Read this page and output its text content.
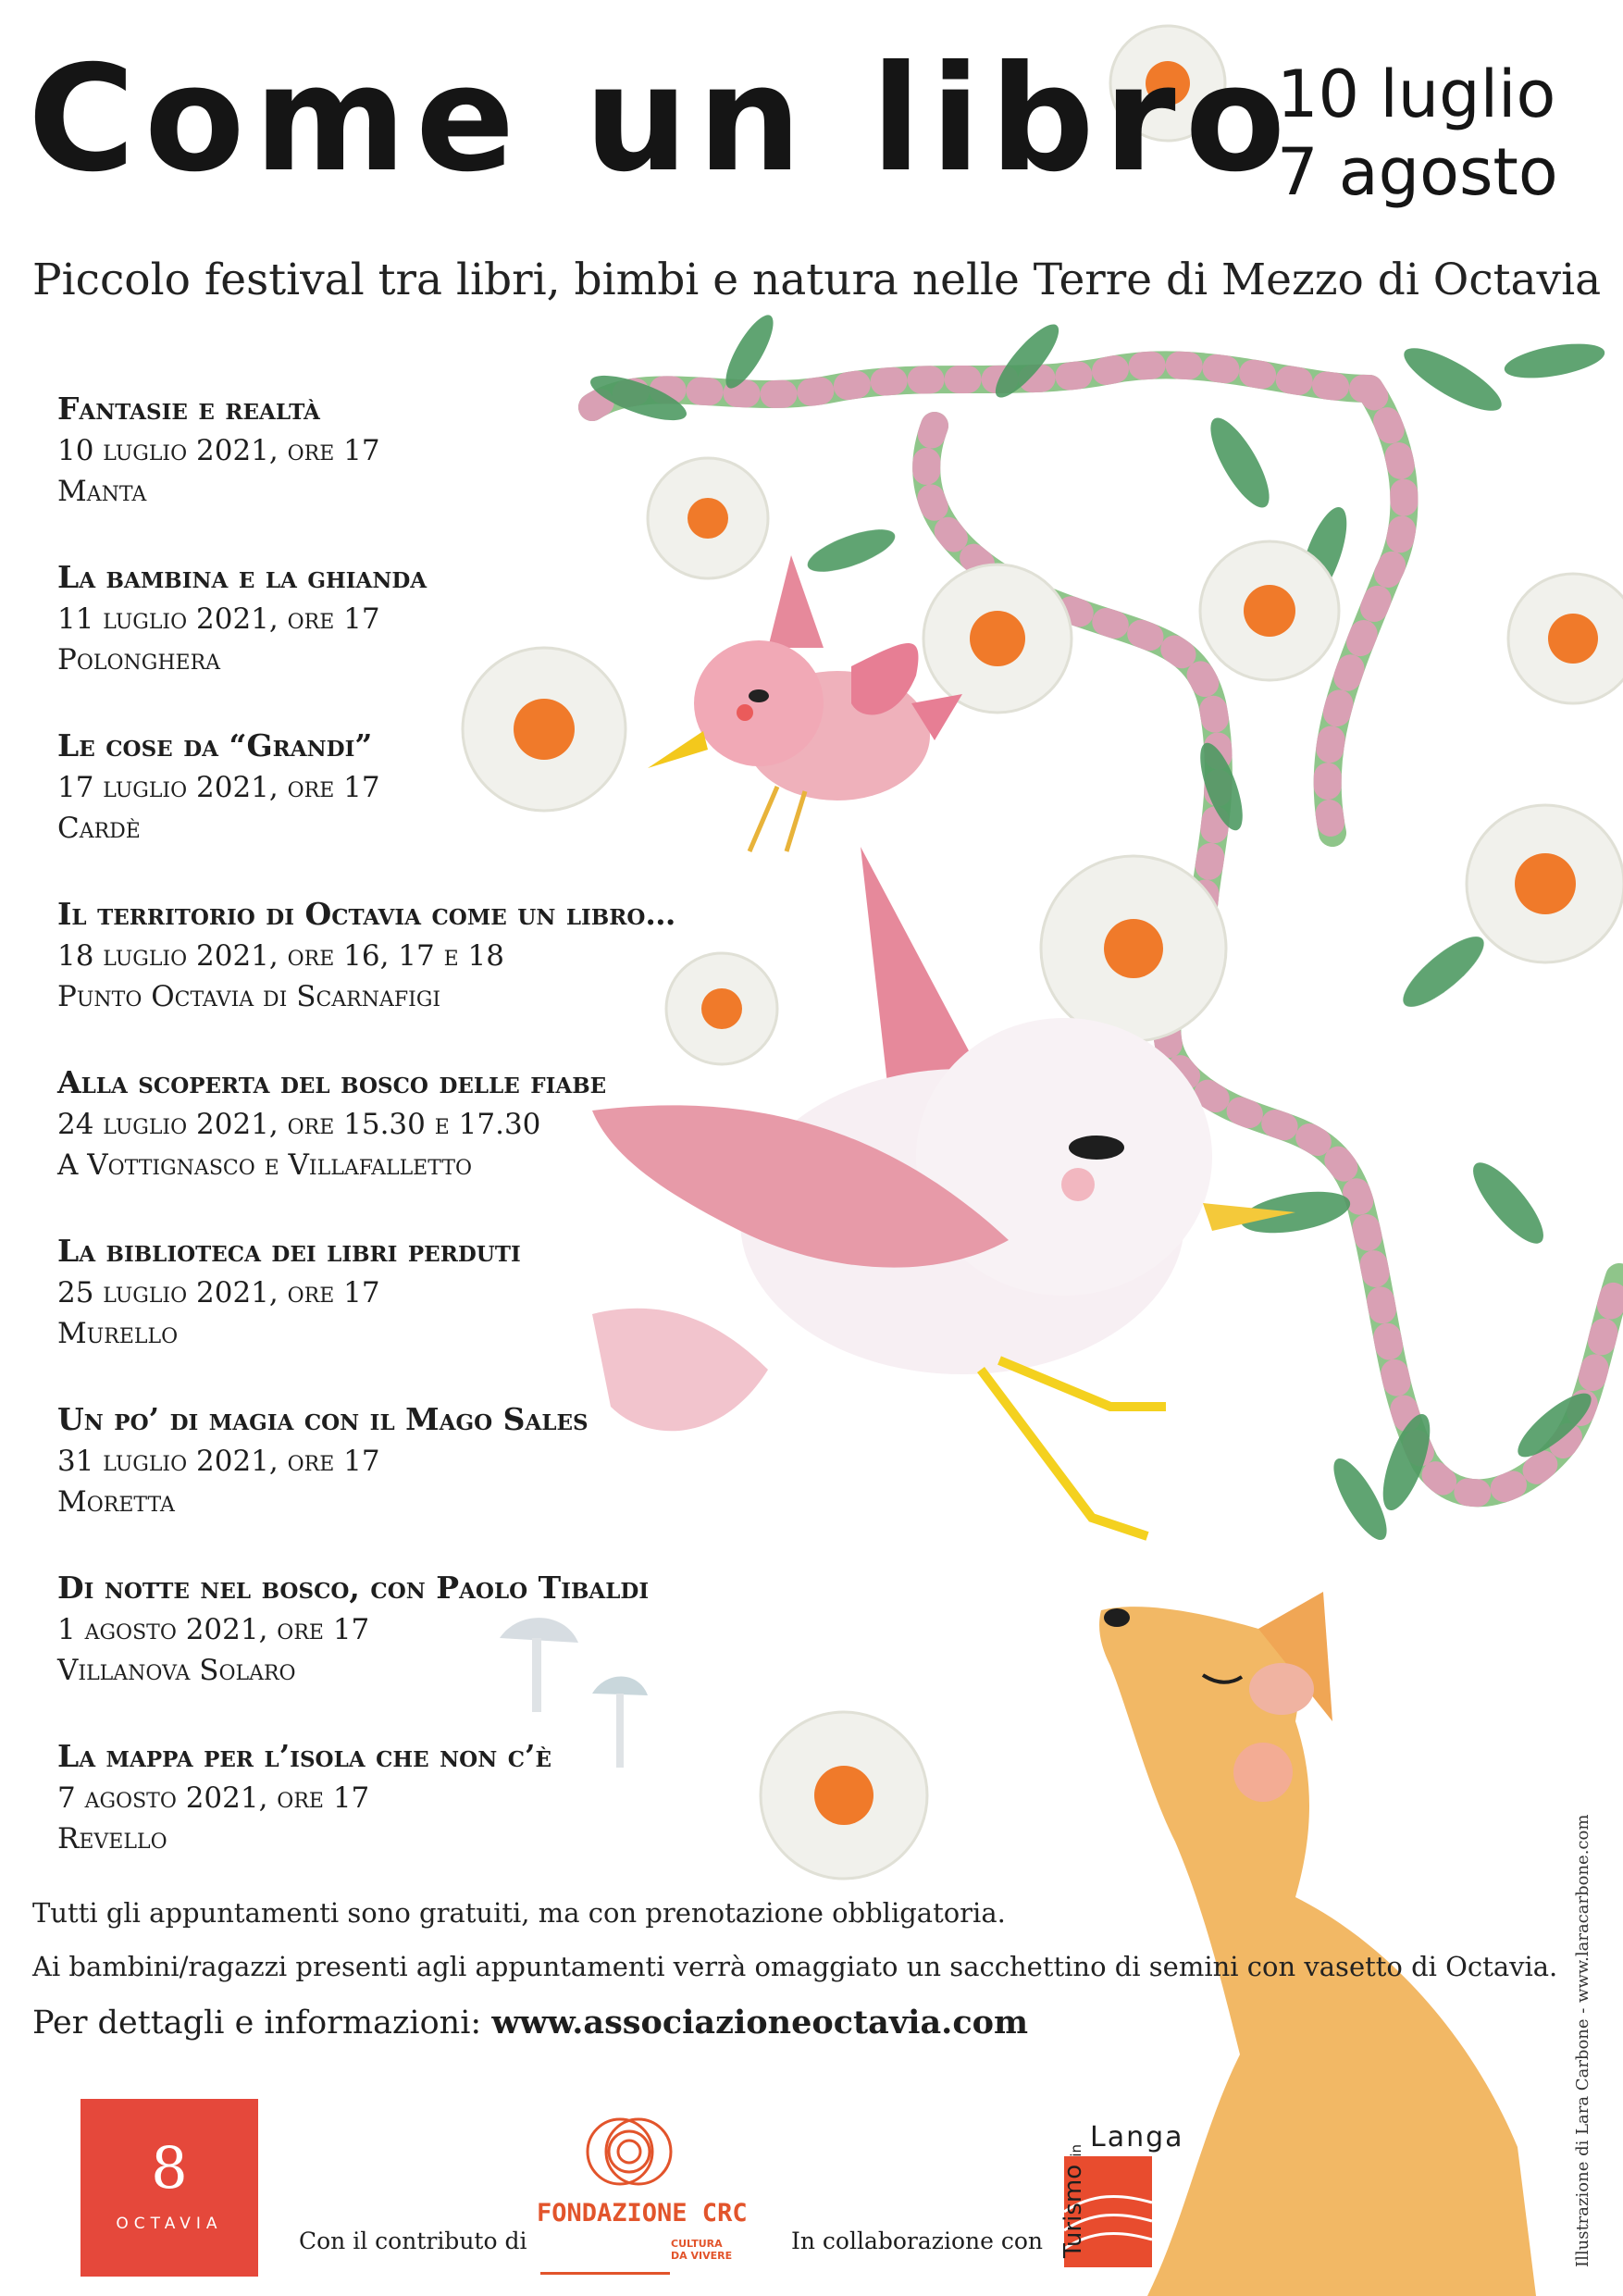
Come un libro
10 luglio
7 agosto
Piccolo festival tra libri, bimbi e natura nelle Terre di Mezzo di Octavia
Fantasie e realtà
10 luglio 2021, ore 17
Manta
La bambina e la ghianda
11 luglio 2021, ore 17
Polonghera
Le cose da “Grandi”
17 luglio 2021, ore 17
Cardè
Il territorio di Octavia come un libro…
18 luglio 2021, ore 16, 17 e 18
Punto Octavia di Scarnafigi
Alla scoperta del bosco delle fiabe
24 luglio 2021, ore 15.30 e 17.30
A Vottignasco e Villafalletto
La biblioteca dei libri perduti
25 luglio 2021, ore 17
Murello
Un po’ di magia con il Mago Sales
31 luglio 2021, ore 17
Moretta
Di notte nel bosco, con Paolo Tibaldi
1 agosto 2021, ore 17
Villanova Solaro
La mappa per l’isola che non c’è
7 agosto 2021, ore 17
Revello
Tutti gli appuntamenti sono gratuiti, ma con prenotazione obbligatoria.
Ai bambini/ragazzi presenti agli appuntamenti verrà omaggiato un sacchettino di semini con vasetto di Octavia.
Per dettagli e informazioni: www.associazioneoctavia.com	Illustrazione di Lara Carbone - www.laracarbone.com
8
OCTAVIA
Con il contributo di
FONDAZIONE CRC
CULTURA
DA VIVERE
In collaborazione con Turismo in Langa
